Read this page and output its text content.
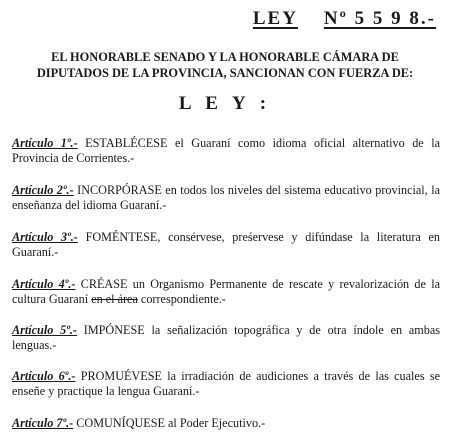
LEY Nº 5 5 9 8.-
EL HONORABLE SENADO Y LA HONORABLE CÁMARA DE DIPUTADOS DE LA PROVINCIA, SANCIONAN CON FUERZA DE:
L E Y :
Artículo 1º.- ESTABLÉCESE el Guaraní como idioma oficial alternativo de la Provincia de Corrientes.-
Artículo 2º.- INCORPÓRASE en todos los niveles del sistema educativo provincial, la enseñanza del idioma Guaraní.-
Artículo 3º.- FOMÉNTESE, consérvese, preśervese y difúndase la literatura en Guaraní.-
Artículo 4º.- CRÉASE un Organismo Permanente de rescate y revalorización de la cultura Guaraní en el área correspondiente.-
Artículo 5º.- IMPÓNESE la señalización topográfica y de otra índole en ambas lenguas.-
Artículo 6º.- PROMUÉVESE la irradiación de audiciones a través de las cuales se enseñe y practique la lengua Guaraní.-
Artículo 7º.- COMUNÍQUESE al Poder Ejecutivo.-
